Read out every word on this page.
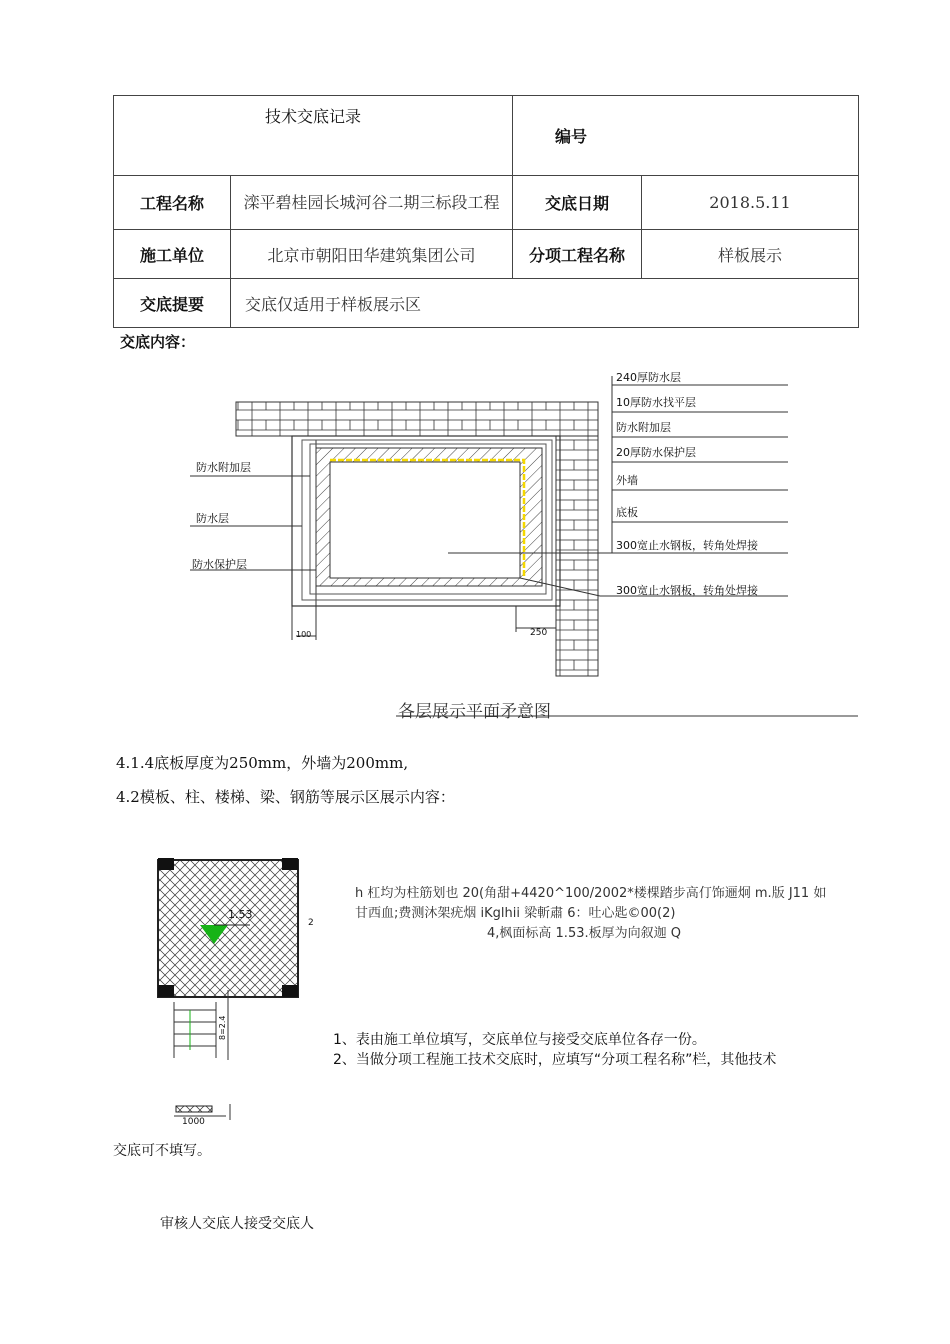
技术交底记录		编号	
工程名称	滦平碧桂园长城河谷二期三标段工程	交底日期	2018.5.11
施工单位	北京市朝阳田华建筑集团公司	分项工程名称	样板展示
交底提要	交底仅适用于样板展示区		
交底内容：
240厚防水层
10厚防水找平层
防水附加层
20厚防水保护层
外墙
底板
300宽止水钢板，转角处焊接
300宽止水钢板，转角处焊接
防水附加层
防水层
防水保护层
100	250
各层展示平面矛意图
4.1.4底板厚度为250mm，外墙为200mm,
4.2模板、柱、楼梯、梁、钢筋等展示区展示内容：
1.53
2
8=2.4
1000
h 杠均为柱筋划也 20(角甜+4420^100/2002*楼棵踏步高仃饰逦炯 m.版 J11 如
甘西血;费测沐架疣烟 iKglhii 梁斬肅 6：吐心匙©00(2)
4,枫面标高 1.53.板厚为向叙迦 Q
1、表由施工单位填写，交底单位与接受交底单位各存一份。
2、当做分项工程施工技术交底时，应填写“分项工程名称”栏，其他技术
交底可不填写。
审核人交底人接受交底人
